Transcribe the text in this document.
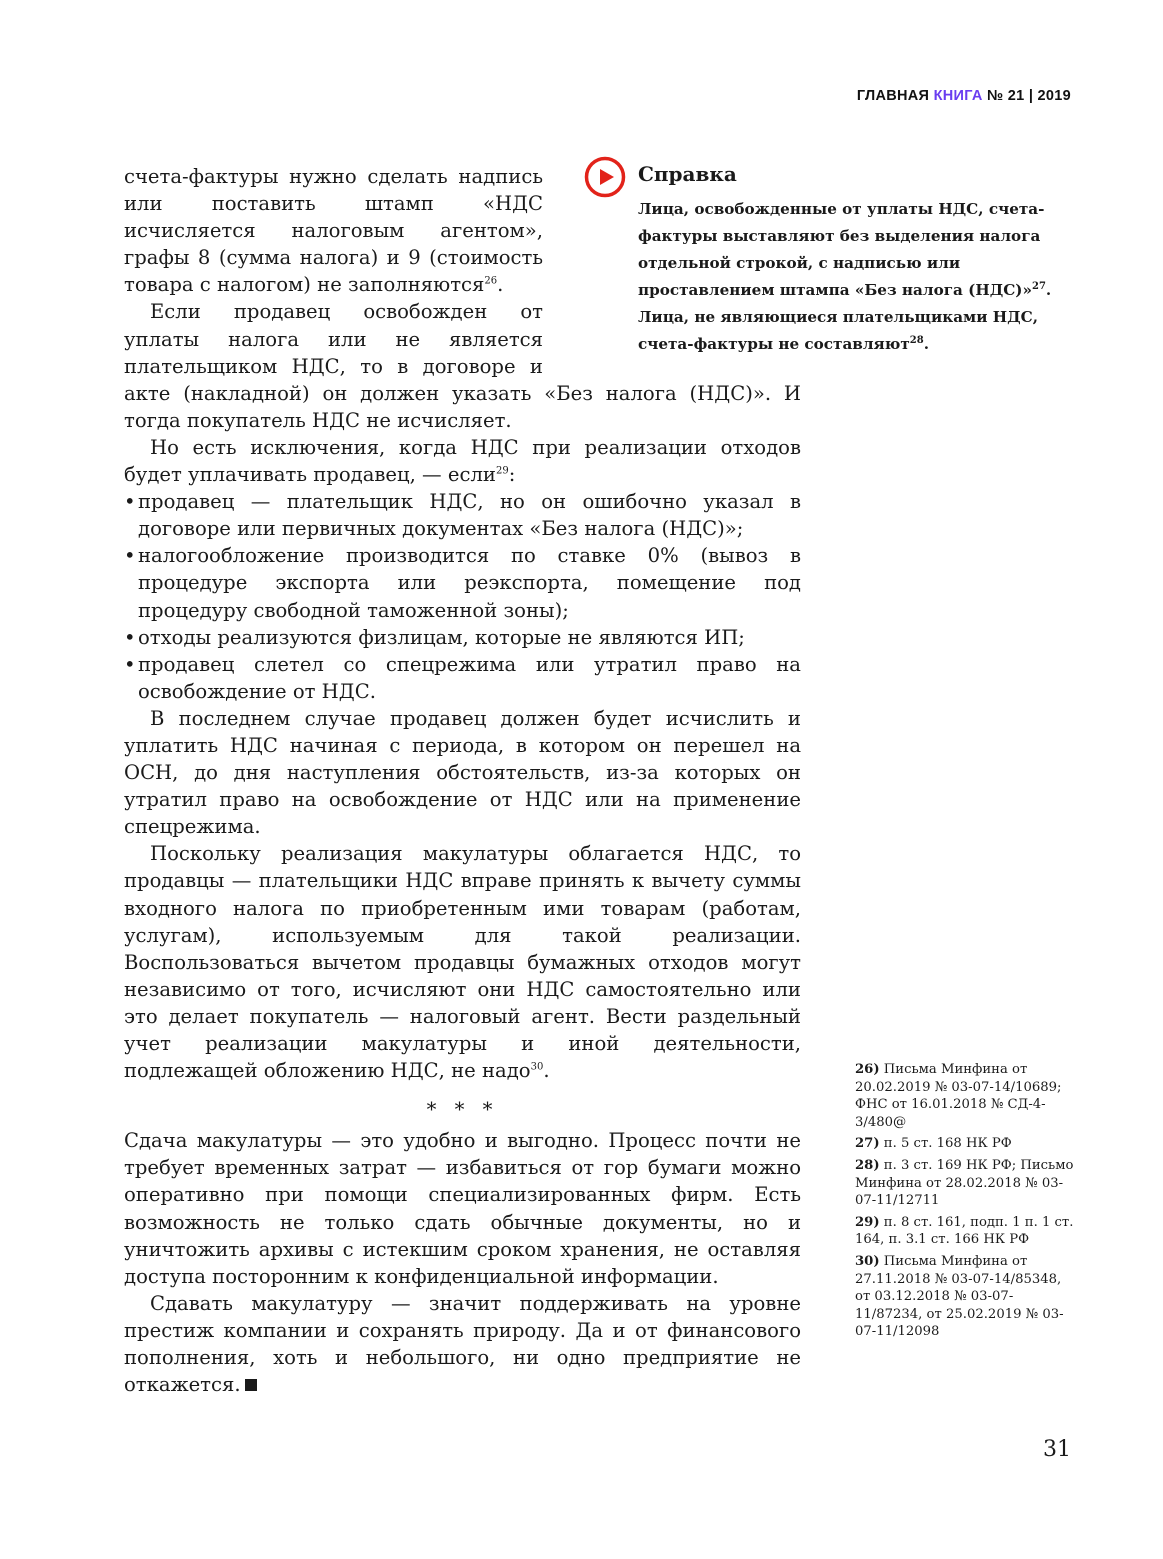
ГЛАВНАЯ КНИГА № 21 | 2019
Справка

Лица, освобожденные от уплаты НДС, счета-фактуры выставляют без выделения налога отдельной строкой, с надписью или проставлением штампа «Без налога (НДС)»$^{27}$.

Лица, не являющиеся плательщиками НДС, счета-фактуры не составляют$^{28}$.

счета-фактуры нужно сделать надпись или поставить штамп «НДС исчисляется налоговым агентом», графы 8 (сумма налога) и 9 (стоимость товара с налогом) не заполняются$^{26}$.

Если продавец освобожден от уплаты налога или не является плательщиком НДС, то в договоре и акте (накладной) он должен указать «Без налога (НДС)». И тогда покупатель НДС не исчисляет.

Но есть исключения, когда НДС при реализации отходов будет уплачивать продавец, — если$^{29}$:

• продавец — плательщик НДС, но он ошибочно указал в договоре или первичных документах «Без налога (НДС)»;
• налогообложение производится по ставке 0% (вывоз в процедуре экспорта или реэкспорта, помещение под процедуру свободной таможенной зоны);
• отходы реализуются физлицам, которые не являются ИП;
• продавец слетел со спецрежима или утратил право на освобождение от НДС.

В последнем случае продавец должен будет исчислить и уплатить НДС начиная с периода, в котором он перешел на ОСН, до дня наступления обстоятельств, из-за которых он утратил право на освобождение от НДС или на применение спецрежима.

Поскольку реализация макулатуры облагается НДС, то продавцы — плательщики НДС вправе принять к вычету суммы входного налога по приобретенным ими товарам (работам, услугам), используемым для такой реализации. Воспользоваться вычетом продавцы бумажных отходов могут независимо от того, исчисляют они НДС самостоятельно или это делает покупатель — налоговый агент. Вести раздельный учет реализации макулатуры и иной деятельности, подлежащей обложению НДС, не надо$^{30}$.

* * *

Сдача макулатуры — это удобно и выгодно. Процесс почти не требует временных затрат — избавиться от гор бумаги можно оперативно при помощи специализированных фирм. Есть возможность не только сдать обычные документы, но и уничтожить архивы с истекшим сроком хранения, не оставляя доступа посторонним к конфиденциальной информации.

Сдавать макулатуру — значит поддерживать на уровне престиж компании и сохранять природу. Да и от финансового пополнения, хоть и небольшого, ни одно предприятие не откажется.

26) Письма Минфина от 20.02.2019 № 03-07-14/10689; ФНС от 16.01.2018 № СД-4-3/480@
27) п. 5 ст. 168 НК РФ
28) п. 3 ст. 169 НК РФ; Письмо Минфина от 28.02.2018 № 03-07-11/12711
29) п. 8 ст. 161, подп. 1 п. 1 ст. 164, п. 3.1 ст. 166 НК РФ
30) Письма Минфина от 27.11.2018 № 03-07-14/85348, от 03.12.2018 № 03-07-11/87234, от 25.02.2019 № 03-07-11/12098
31
